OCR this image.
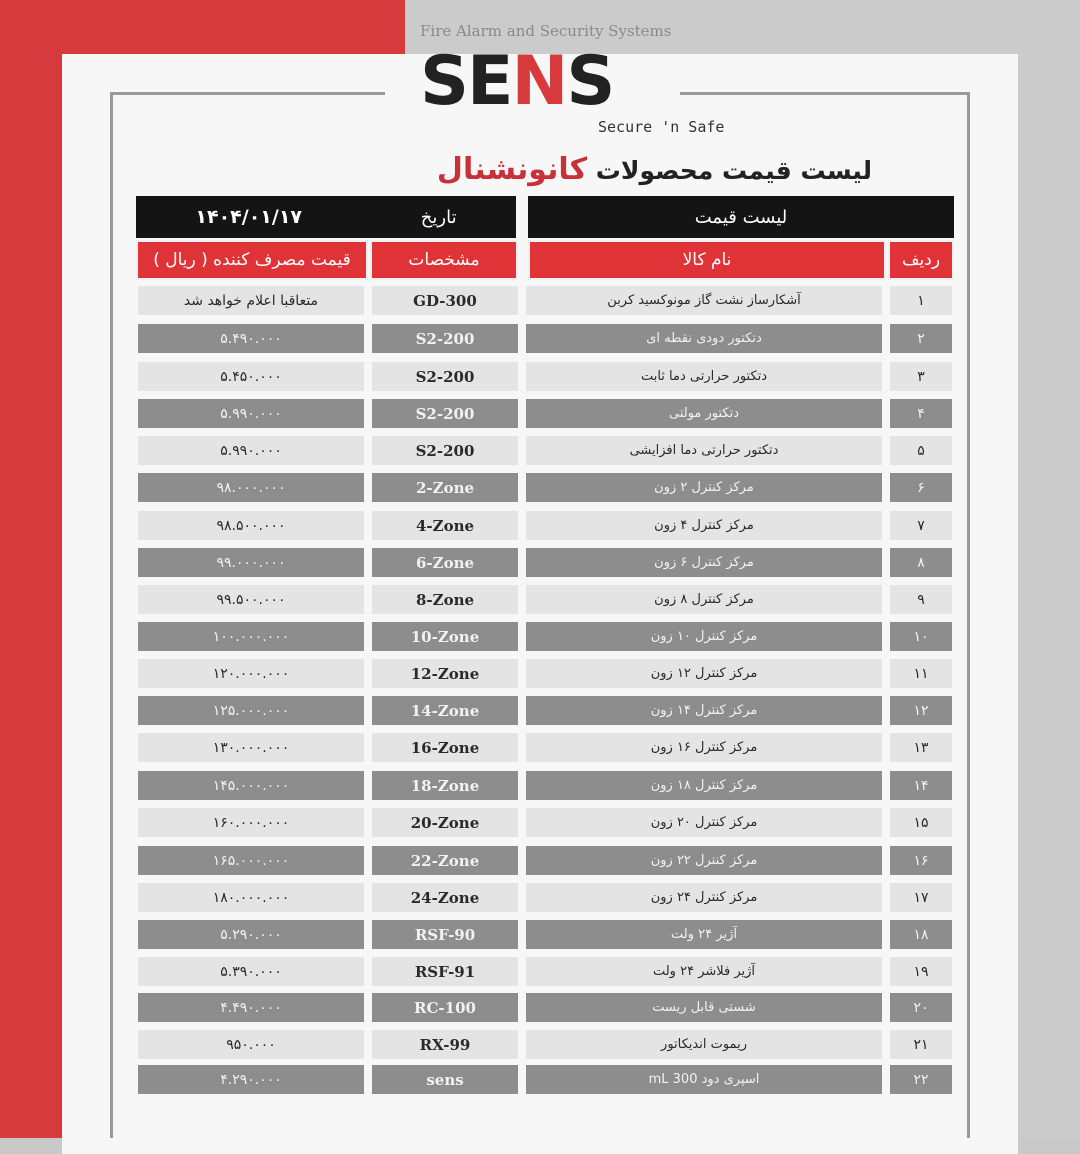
Fire Alarm and Security Systems
SENS
Secure 'n Safe
لیست قیمت محصولات کانونشنال
۱۴۰۴/۰۱/۱۷	تاریخ	لیست قیمت
قیمت مصرف کننده ( ریال )	مشخصات	نام کالا	ردیف
متعاقبا اعلام خواهد شد	GD-300	آشکارساز نشت گاز مونوکسید کربن	۱
۵.۴۹۰.۰۰۰	S2-200	دتکتور دودی نقطه ای	۲
۵.۴۵۰.۰۰۰	S2-200	دتکتور حرارتی دما ثابت	۳
۵.۹۹۰.۰۰۰	S2-200	دتکتور مولتی	۴
۵.۹۹۰.۰۰۰	S2-200	دتکتور حرارتی دما افزایشی	۵
۹۸.۰۰۰.۰۰۰	2-Zone	مرکز کنترل ۲ زون	۶
۹۸.۵۰۰.۰۰۰	4-Zone	مرکز کنترل ۴ زون	۷
۹۹.۰۰۰.۰۰۰	6-Zone	مرکز کنترل ۶ زون	۸
۹۹.۵۰۰.۰۰۰	8-Zone	مرکز کنترل ۸ زون	۹
۱۰۰.۰۰۰.۰۰۰	10-Zone	مرکز کنترل ۱۰ زون	۱۰
۱۲۰.۰۰۰.۰۰۰	12-Zone	مرکز کنترل ۱۲ زون	۱۱
۱۲۵.۰۰۰.۰۰۰	14-Zone	مرکز کنترل ۱۴ زون	۱۲
۱۳۰.۰۰۰.۰۰۰	16-Zone	مرکز کنترل ۱۶ زون	۱۳
۱۴۵.۰۰۰.۰۰۰	18-Zone	مرکز کنترل ۱۸ زون	۱۴
۱۶۰.۰۰۰.۰۰۰	20-Zone	مرکز کنترل ۲۰ زون	۱۵
۱۶۵.۰۰۰.۰۰۰	22-Zone	مرکز کنترل ۲۲ زون	۱۶
۱۸۰.۰۰۰.۰۰۰	24-Zone	مرکز کنترل ۲۴ زون	۱۷
۵.۲۹۰.۰۰۰	RSF-90	آژیر ۲۴ ولت	۱۸
۵.۳۹۰.۰۰۰	RSF-91	آژیر فلاشر ۲۴ ولت	۱۹
۴.۴۹۰.۰۰۰	RC-100	شستی قابل ریست	۲۰
۹۵۰.۰۰۰	RX-99	ریموت اندیکاتور	۲۱
۴.۲۹۰.۰۰۰	sens	اسپری دود 300 mL	۲۲
